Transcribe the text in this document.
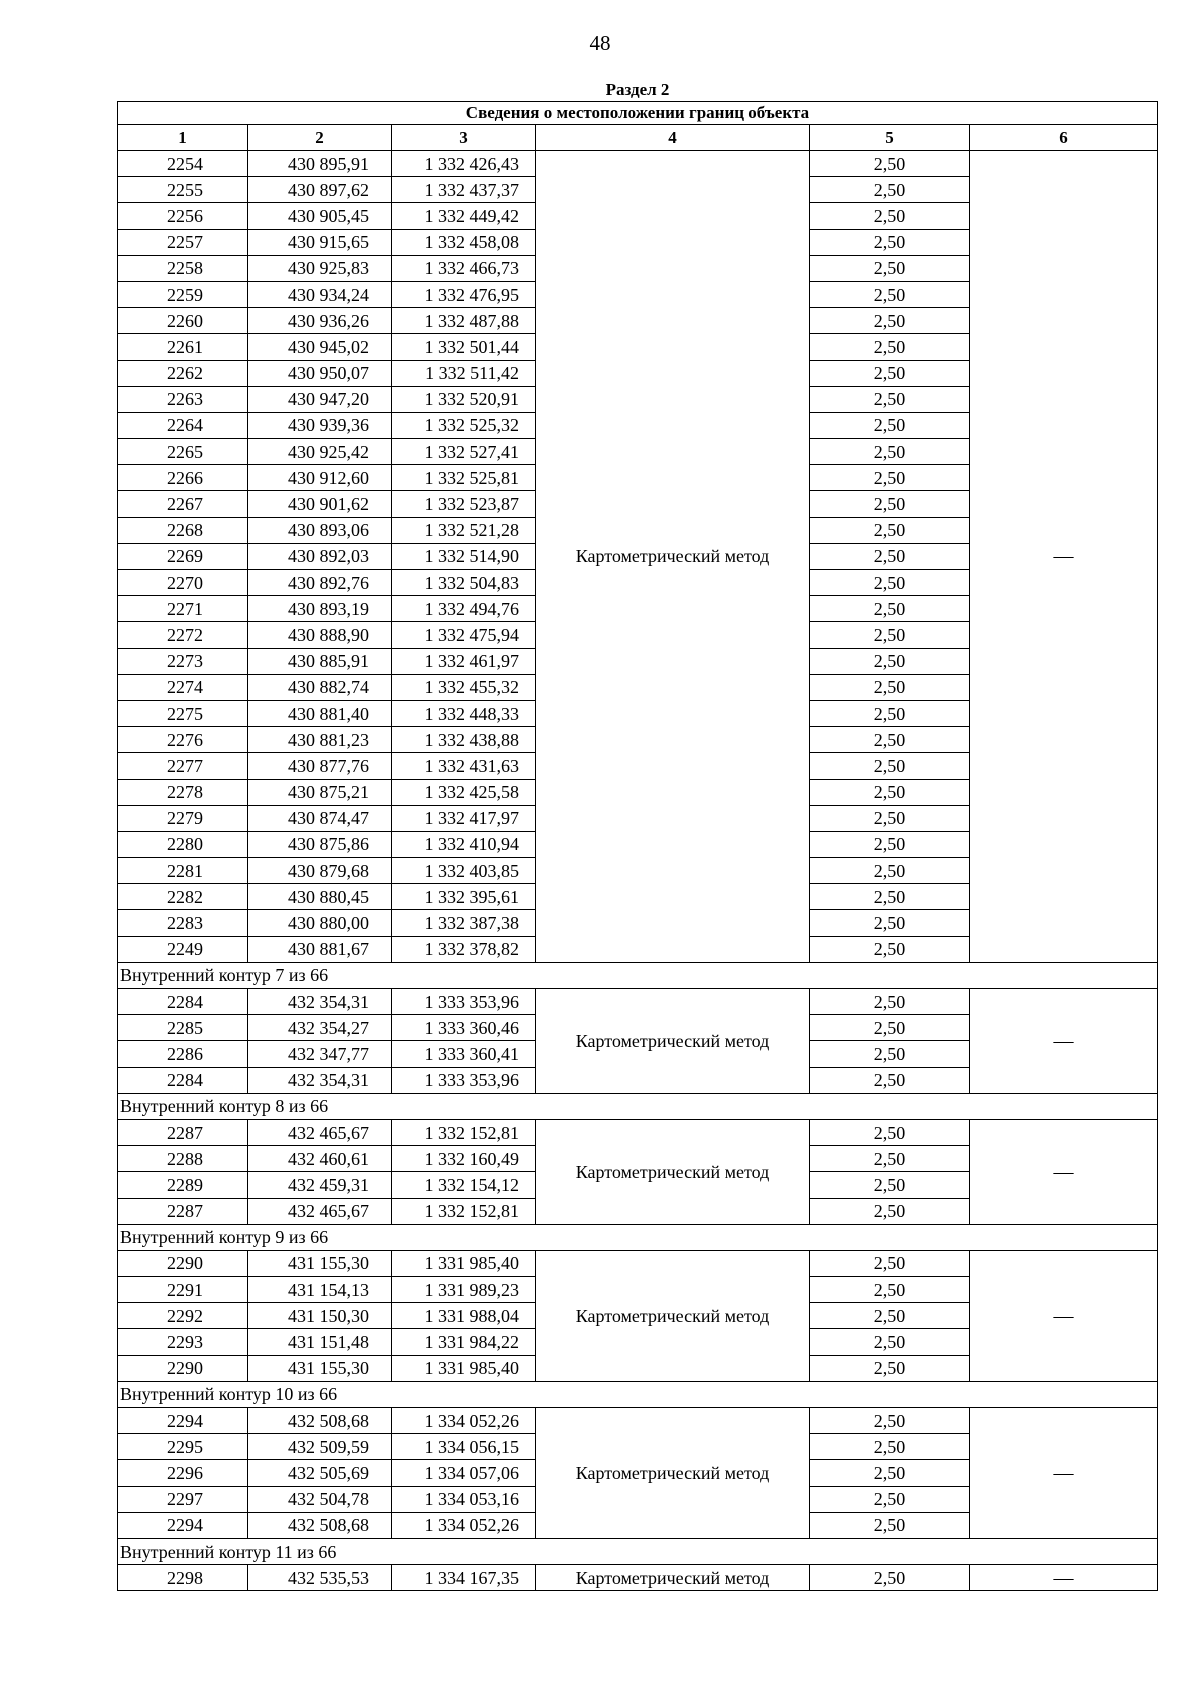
48
Раздел 2					
Сведения о местоположении границ объекта					
1	2	3	4	5	6
2254	430 895,91	1 332 426,43	Картометрический метод	2,50	—
2255	430 897,62	1 332 437,37		2,50	
2256	430 905,45	1 332 449,42		2,50	
2257	430 915,65	1 332 458,08		2,50	
2258	430 925,83	1 332 466,73		2,50	
2259	430 934,24	1 332 476,95		2,50	
2260	430 936,26	1 332 487,88		2,50	
2261	430 945,02	1 332 501,44		2,50	
2262	430 950,07	1 332 511,42		2,50	
2263	430 947,20	1 332 520,91		2,50	
2264	430 939,36	1 332 525,32		2,50	
2265	430 925,42	1 332 527,41		2,50	
2266	430 912,60	1 332 525,81		2,50	
2267	430 901,62	1 332 523,87		2,50	
2268	430 893,06	1 332 521,28		2,50	
2269	430 892,03	1 332 514,90		2,50	
2270	430 892,76	1 332 504,83		2,50	
2271	430 893,19	1 332 494,76		2,50	
2272	430 888,90	1 332 475,94		2,50	
2273	430 885,91	1 332 461,97		2,50	
2274	430 882,74	1 332 455,32		2,50	
2275	430 881,40	1 332 448,33		2,50	
2276	430 881,23	1 332 438,88		2,50	
2277	430 877,76	1 332 431,63		2,50	
2278	430 875,21	1 332 425,58		2,50	
2279	430 874,47	1 332 417,97		2,50	
2280	430 875,86	1 332 410,94		2,50	
2281	430 879,68	1 332 403,85		2,50	
2282	430 880,45	1 332 395,61		2,50	
2283	430 880,00	1 332 387,38		2,50	
2249	430 881,67	1 332 378,82		2,50	
Внутренний контур 7 из 66					
2284	432 354,31	1 333 353,96	Картометрический метод	2,50	—
2285	432 354,27	1 333 360,46		2,50	
2286	432 347,77	1 333 360,41		2,50	
2284	432 354,31	1 333 353,96		2,50	
Внутренний контур 8 из 66					
2287	432 465,67	1 332 152,81	Картометрический метод	2,50	—
2288	432 460,61	1 332 160,49		2,50	
2289	432 459,31	1 332 154,12		2,50	
2287	432 465,67	1 332 152,81		2,50	
Внутренний контур 9 из 66					
2290	431 155,30	1 331 985,40	Картометрический метод	2,50	—
2291	431 154,13	1 331 989,23		2,50	
2292	431 150,30	1 331 988,04		2,50	
2293	431 151,48	1 331 984,22		2,50	
2290	431 155,30	1 331 985,40		2,50	
Внутренний контур 10 из 66					
2294	432 508,68	1 334 052,26	Картометрический метод	2,50	—
2295	432 509,59	1 334 056,15		2,50	
2296	432 505,69	1 334 057,06		2,50	
2297	432 504,78	1 334 053,16		2,50	
2294	432 508,68	1 334 052,26		2,50	
Внутренний контур 11 из 66					
2298	432 535,53	1 334 167,35	Картометрический метод	2,50	—
